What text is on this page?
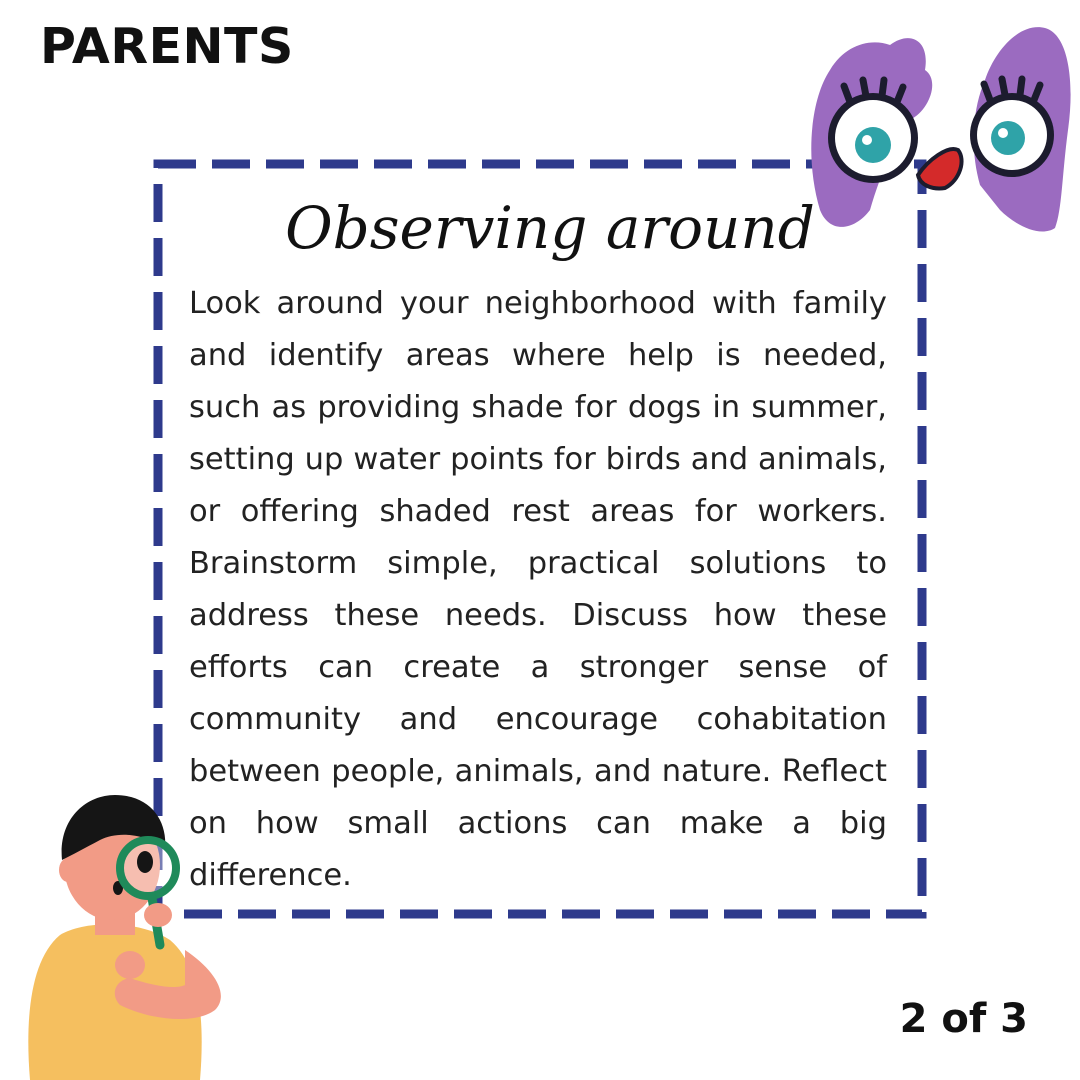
PARENTS
Observing around

Look around your neighborhood with family and identify areas where help is needed, such as providing shade for dogs in summer, setting up water points for birds and animals, or offering shaded rest areas for workers. Brainstorm simple, practical solutions to address these needs. Discuss how these efforts can create a stronger sense of community and encourage cohabitation between people, animals, and nature. Reflect on how small actions can make a big difference.

2 of 3
